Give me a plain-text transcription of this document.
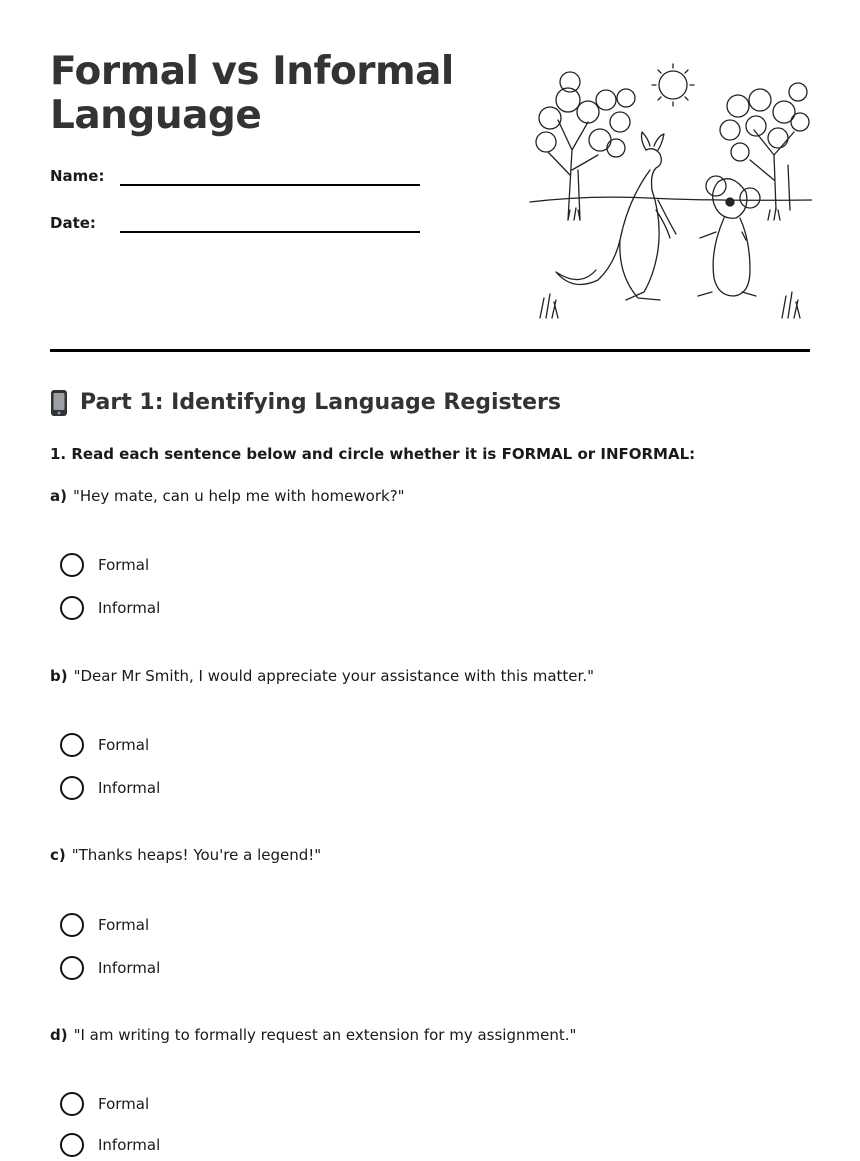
Formal vs Informal Language
Name:
Date:
Part 1: Identifying Language Registers
1. Read each sentence below and circle whether it is FORMAL or INFORMAL:
a) "Hey mate, can u help me with homework?"
Formal
Informal
b) "Dear Mr Smith, I would appreciate your assistance with this matter."
Formal
Informal
c) "Thanks heaps! You're a legend!"
Formal
Informal
d) "I am writing to formally request an extension for my assignment."
Formal
Informal
